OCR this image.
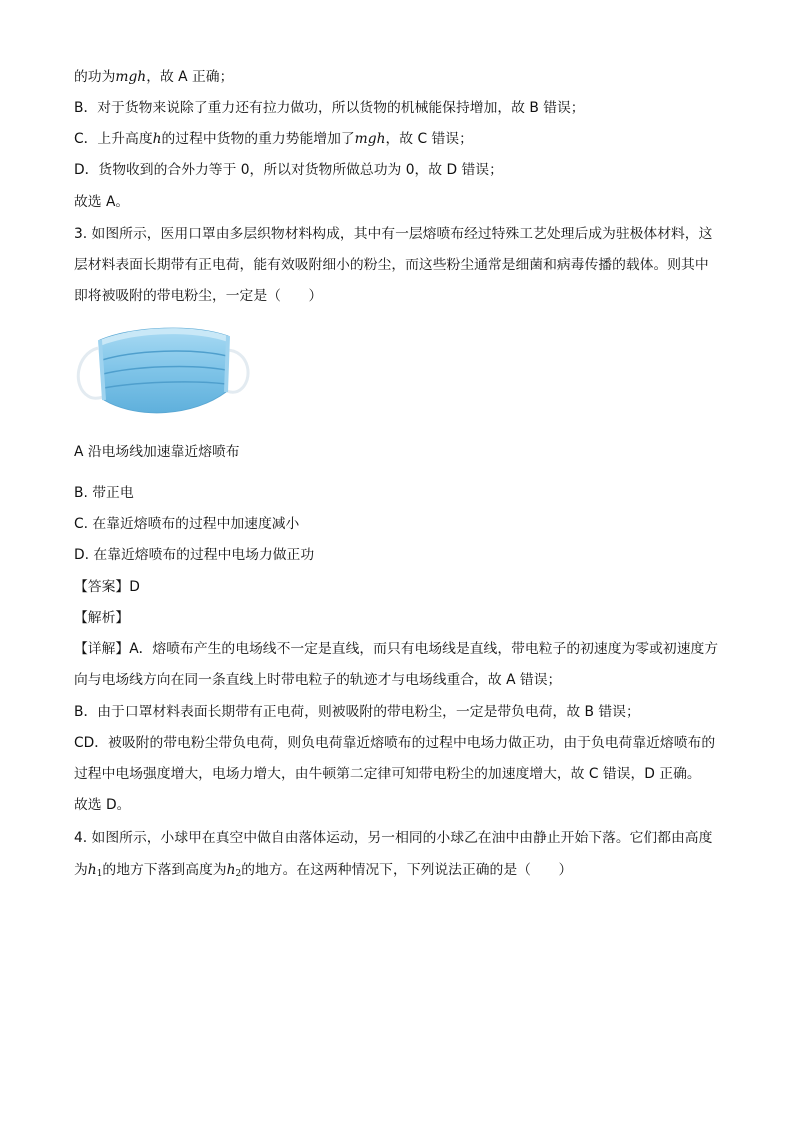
的功为mgh，故 A 正确；
B．对于货物来说除了重力还有拉力做功，所以货物的机械能保持增加，故 B 错误；
C．上升高度h的过程中货物的重力势能增加了mgh，故 C 错误；
D．货物收到的合外力等于 0，所以对货物所做总功为 0，故 D 错误；
故选 A。
3. 如图所示，医用口罩由多层织物材料构成，其中有一层熔喷布经过特殊工艺处理后成为驻极体材料，这
层材料表面长期带有正电荷，能有效吸附细小的粉尘，而这些粉尘通常是细菌和病毒传播的载体。则其中
即将被吸附的带电粉尘，一定是（　　）
A 沿电场线加速靠近熔喷布
B. 带正电
C. 在靠近熔喷布的过程中加速度减小
D. 在靠近熔喷布的过程中电场力做正功
【答案】D
【解析】
【详解】A．熔喷布产生的电场线不一定是直线，而只有电场线是直线，带电粒子的初速度为零或初速度方
向与电场线方向在同一条直线上时带电粒子的轨迹才与电场线重合，故 A 错误；
B．由于口罩材料表面长期带有正电荷，则被吸附的带电粉尘，一定是带负电荷，故 B 错误；
CD．被吸附的带电粉尘带负电荷，则负电荷靠近熔喷布的过程中电场力做正功，由于负电荷靠近熔喷布的
过程中电场强度增大，电场力增大，由牛顿第二定律可知带电粉尘的加速度增大，故 C 错误，D 正确。
故选 D。
4. 如图所示，小球甲在真空中做自由落体运动，另一相同的小球乙在油中由静止开始下落。它们都由高度
为$h_1$的地方下落到高度为$h_2$的地方。在这两种情况下，下列说法正确的是（　　）
